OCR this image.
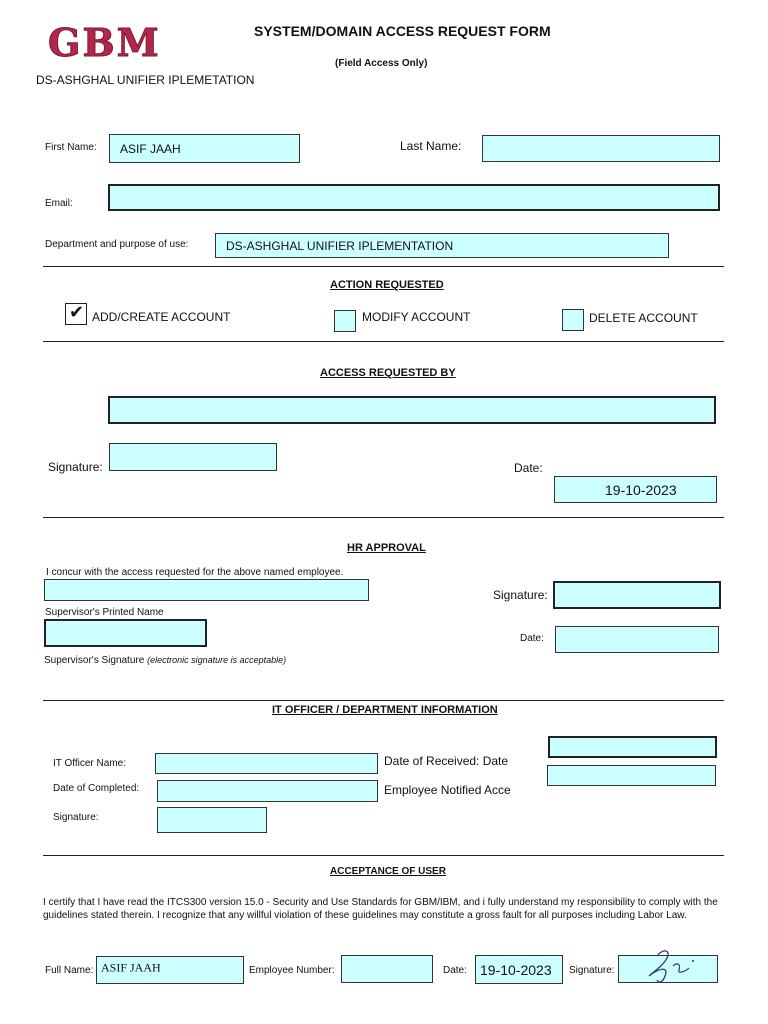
GBM
DS-ASHGHAL UNIFIER IPLEMETATION
SYSTEM/DOMAIN ACCESS REQUEST FORM
(Field Access Only)
First Name: ASIF JAAH	Last Name:
Email:
Department and purpose of use:	DS-ASHGHAL UNIFIER IPLEMENTATION
ACTION REQUESTED
✔ ADD/CREATE ACCOUNT	MODIFY ACCOUNT	DELETE ACCOUNT
ACCESS REQUESTED BY
Signature:	Date:
19-10-2023
HR APPROVAL
I concur with the access requested for the above named employee.
Supervisor's Printed Name
Supervisor's Signature (electronic signature is acceptable)
Signature:
Date:
IT OFFICER / DEPARTMENT INFORMATION
IT Officer Name:
Date of Completed:
Signature:
Date of Received: Date
Employee Notified Acce
ACCEPTANCE OF USER
I certify that I have read the ITCS300 version 15.0 - Security and Use Standards for GBM/IBM, and i fully understand my responsibility to comply with the guidelines stated therein. I recognize that any willful violation of these guidelines may constitute a gross fault for all purposes including Labor Law.
Full Name: ASIF JAAH	Employee Number:	Date: 19-10-2023 Signature:
